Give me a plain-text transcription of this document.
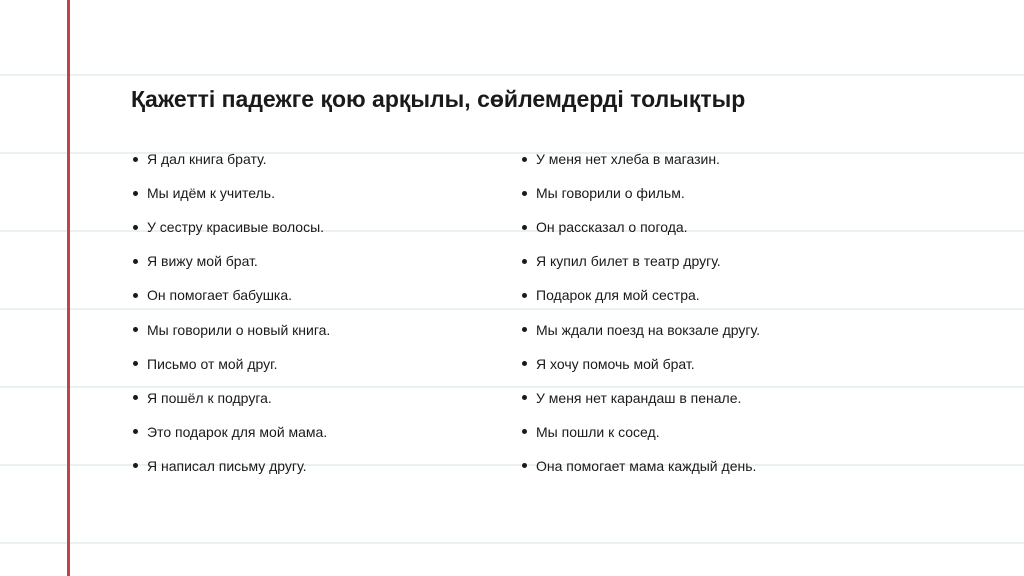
Қажетті падежге қою арқылы, сөйлемдерді толықтыр
Я дал книга брату.
Мы идём к учитель.
У сестру красивые волосы.
Я вижу мой брат.
Он помогает бабушка.
Мы говорили о новый книга.
Письмо от мой друг.
Я пошёл к подруга.
Это подарок для мой мама.
Я написал письму другу.
У меня нет хлеба в магазин.
Мы говорили о фильм.
Он рассказал о погода.
Я купил билет в театр другу.
Подарок для мой сестра.
Мы ждали поезд на вокзале другу.
Я хочу помочь мой брат.
У меня нет карандаш в пенале.
Мы пошли к сосед.
Она помогает мама каждый день.
